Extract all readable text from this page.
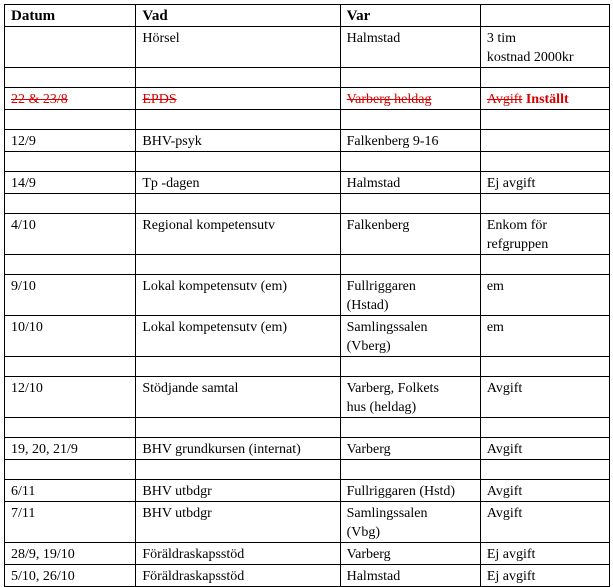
Datum	Vad	Var	
	Hörsel	Halmstad	3 tim
kostnad 2000kr

22 & 23/8	EPDS	Varberg heldag	Avgift Inställt

12/9	BHV-psyk	Falkenberg 9-16	

14/9	Tp -dagen	Halmstad	Ej avgift

4/10	Regional kompetensutv	Falkenberg	Enkom för
refgruppen

9/10	Lokal kompetensutv (em)	Fullriggaren
(Hstad)	em
10/10	Lokal kompetensutv (em)	Samlingssalen
(Vberg)	em

12/10	Stödjande samtal	Varberg, Folkets
hus (heldag)	Avgift

19, 20, 21/9	BHV grundkursen (internat)	Varberg	Avgift

6/11	BHV utbdgr	Fullriggaren (Hstd)	Avgift
7/11	BHV utbdgr	Samlingssalen
(Vbg)	Avgift
28/9, 19/10	Föräldraskapsstöd	Varberg	Ej avgift
5/10, 26/10	Föräldraskapsstöd	Halmstad	Ej avgift
